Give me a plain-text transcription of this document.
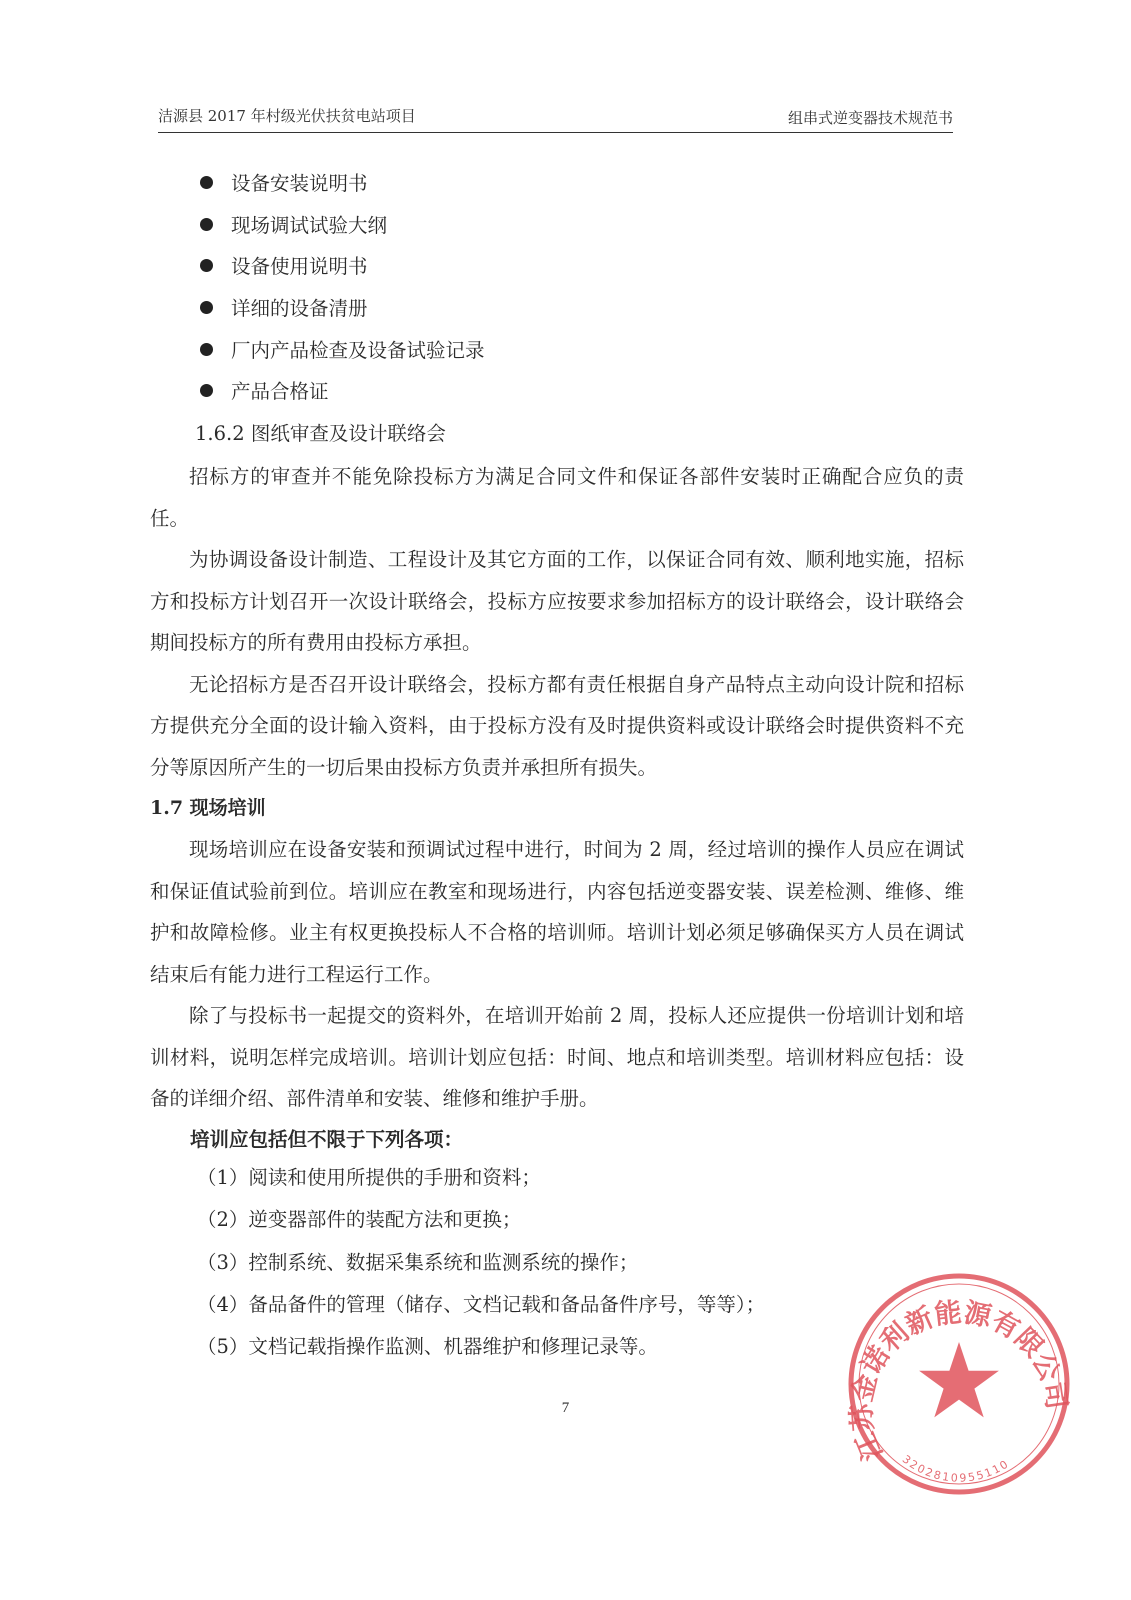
洁源县 2017 年村级光伏扶贫电站项目	组串式逆变器技术规范书
设备安装说明书
现场调试试验大纲
设备使用说明书
详细的设备清册
厂内产品检查及设备试验记录
产品合格证
1.6.2 图纸审查及设计联络会

招标方的审查并不能免除投标方为满足合同文件和保证各部件安装时正确配合应负的责任。

为协调设备设计制造、工程设计及其它方面的工作，以保证合同有效、顺利地实施，招标方和投标方计划召开一次设计联络会，投标方应按要求参加招标方的设计联络会，设计联络会期间投标方的所有费用由投标方承担。

无论招标方是否召开设计联络会，投标方都有责任根据自身产品特点主动向设计院和招标方提供充分全面的设计输入资料，由于投标方没有及时提供资料或设计联络会时提供资料不充分等原因所产生的一切后果由投标方负责并承担所有损失。

1.7 现场培训

现场培训应在设备安装和预调试过程中进行，时间为 2 周，经过培训的操作人员应在调试和保证值试验前到位。培训应在教室和现场进行，内容包括逆变器安装、误差检测、维修、维护和故障检修。业主有权更换投标人不合格的培训师。培训计划必须足够确保买方人员在调试结束后有能力进行工程运行工作。

除了与投标书一起提交的资料外，在培训开始前 2 周，投标人还应提供一份培训计划和培训材料，说明怎样完成培训。培训计划应包括：时间、地点和培训类型。培训材料应包括：设备的详细介绍、部件清单和安装、维修和维护手册。

培训应包括但不限于下列各项：
（1）阅读和使用所提供的手册和资料；
（2）逆变器部件的装配方法和更换；
（3）控制系统、数据采集系统和监测系统的操作；
（4）备品备件的管理（储存、文档记载和备品备件序号，等等）；
（5）文档记载指操作监测、机器维护和修理记录等。
7
江苏金诺利新能源有限公司
3202810955110
